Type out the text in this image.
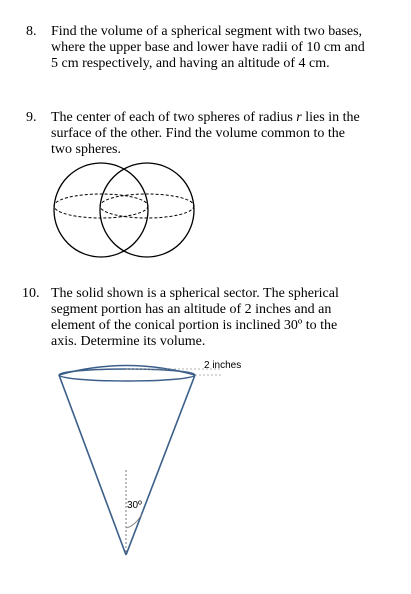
8. Find the volume of a spherical segment with two bases, where the upper base and lower have radii of 10 cm and 5 cm respectively, and having an altitude of 4 cm.
9. The center of each of two spheres of radius r lies in the surface of the other. Find the volume common to the two spheres.
10. The solid shown is a spherical sector. The spherical segment portion has an altitude of 2 inches and an element of the conical portion is inclined 30º to the axis. Determine its volume.
2 inches
30º
